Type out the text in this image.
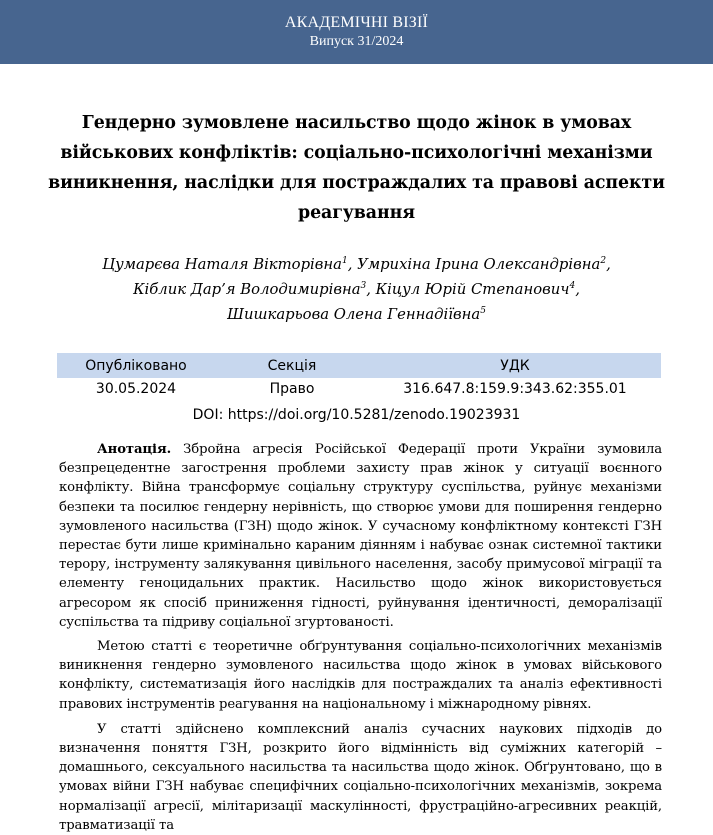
АКАДЕМІЧНІ ВІЗІЇ
Випуск 31/2024
Гендерно зумовлене насильство щодо жінок в умовах військових конфліктів: соціально-психологічні механізми виникнення, наслідки для постраждалих та правові аспекти реагування
Цумарєва Наталя Вікторівна$^1$, Умрихіна Ірина Олександрівна$^2$,
Кіблик Дар’я Володимирівна$^3$, Кіцул Юрій Степанович$^4$,
Шишкарьова Олена Геннадіївна$^5$
Опубліковано	Секція	УДК
30.05.2024	Право	316.647.8:159.9:343.62:355.01
DOI: https://doi.org/10.5281/zenodo.19023931

Анотація. Збройна агресія Російської Федерації проти України зумовила безпрецедентне загострення проблеми захисту прав жінок у ситуації воєнного конфлікту. Війна трансформує соціальну структуру суспільства, руйнує механізми безпеки та посилює гендерну нерівність, що створює умови для поширення гендерно зумовленого насильства (ГЗН) щодо жінок. У сучасному конфліктному контексті ГЗН перестає бути лише кримінально караним діянням і набуває ознак системної тактики терору, інструменту залякування цивільного населення, засобу примусової міграції та елементу геноцидальних практик. Насильство щодо жінок використовується агресором як спосіб приниження гідності, руйнування ідентичності, деморалізації суспільства та підриву соціальної згуртованості.

Метою статті є теоретичне обґрунтування соціально-психологічних механізмів виникнення гендерно зумовленого насильства щодо жінок в умовах військового конфлікту, систематизація його наслідків для постраждалих та аналіз ефективності правових інструментів реагування на національному і міжнародному рівнях.

У статті здійснено комплексний аналіз сучасних наукових підходів до визначення поняття ГЗН, розкрито його відмінність від суміжних категорій – домашнього, сексуального насильства та насильства щодо жінок. Обґрунтовано, що в умовах війни ГЗН набуває специфічних соціально-психологічних механізмів, зокрема нормалізації агресії, мілітаризації маскулінності, фрустраційно-агресивних реакцій, травматизації та
